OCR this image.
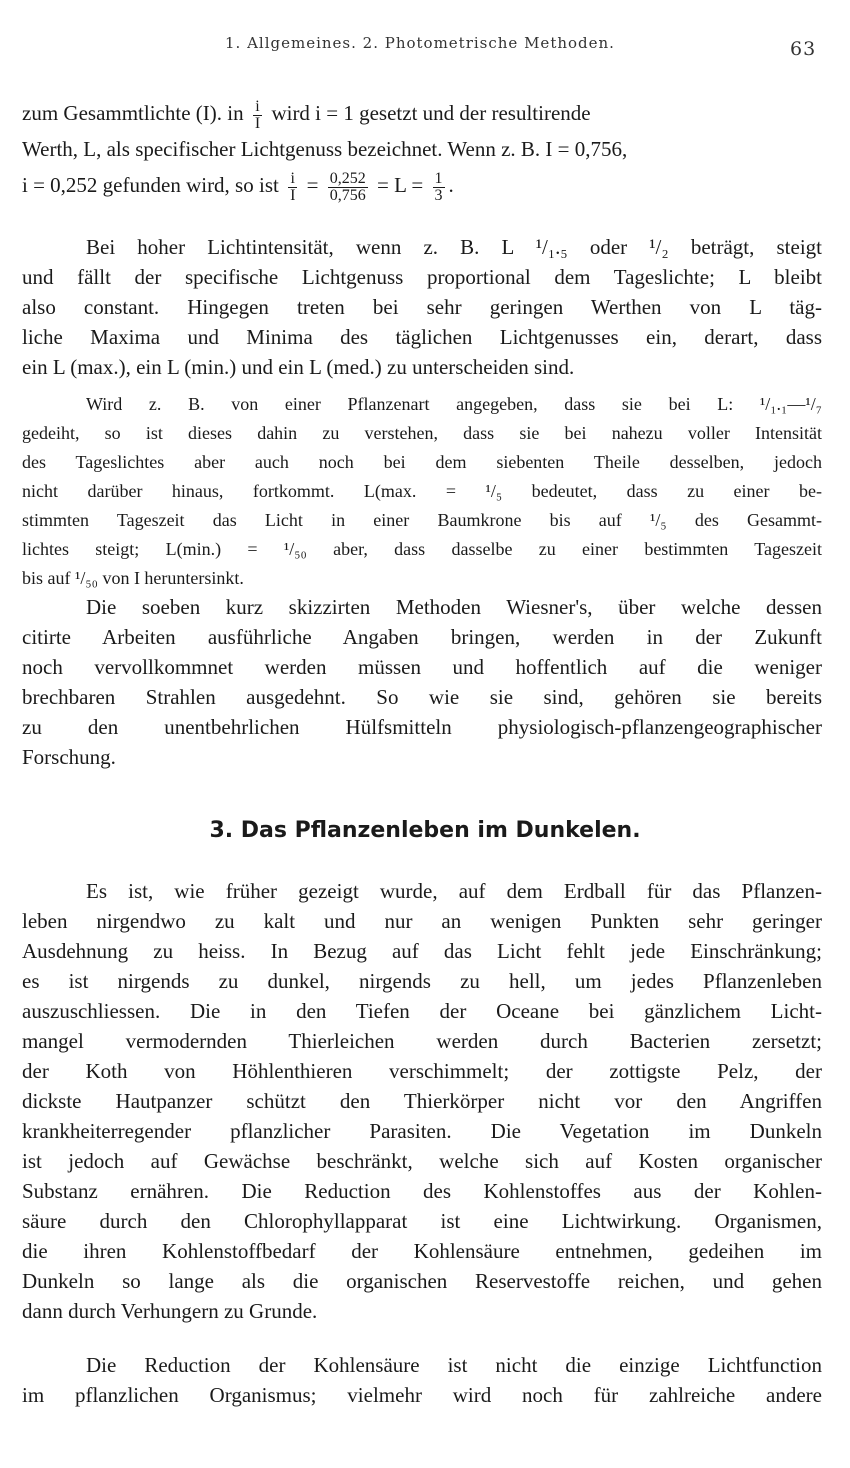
1. Allgemeines. 2. Photometrische Methoden.	63
zum Gesammtlichte (I). in $\frac{i}{I}$ wird i = 1 gesetzt und der resultirende
Werth, L, als specifischer Lichtgenuss bezeichnet. Wenn z. B. I = 0,756,
i = 0,252 gefunden wird, so ist $\frac{i}{I} = \frac{0,252}{0,756} = L = \frac{1}{3}$ .
Bei hoher Lichtintensität, wenn z. B. L ¹/₁.₅ oder ¹/₂ beträgt, steigt
und fällt der specifische Lichtgenuss proportional dem Tageslichte; L bleibt
also constant. Hingegen treten bei sehr geringen Werthen von L täg-
liche Maxima und Minima des täglichen Lichtgenusses ein, derart, dass
ein L (max.), ein L (min.) und ein L (med.) zu unterscheiden sind.
Wird z. B. von einer Pflanzenart angegeben, dass sie bei L: ¹/₁.₁—¹/₇
gedeiht, so ist dieses dahin zu verstehen, dass sie bei nahezu voller Intensität
des Tageslichtes aber auch noch bei dem siebenten Theile desselben, jedoch
nicht darüber hinaus, fortkommt. L(max. = ¹/₅ bedeutet, dass zu einer be-
stimmten Tageszeit das Licht in einer Baumkrone bis auf ¹/₅ des Gesammt-
lichtes steigt; L(min.) = ¹/₅₀ aber, dass dasselbe zu einer bestimmten Tageszeit
bis auf ¹/₅₀ von I heruntersinkt.
Die soeben kurz skizzirten Methoden Wiesner's, über welche dessen
citirte Arbeiten ausführliche Angaben bringen, werden in der Zukunft
noch vervollkommnet werden müssen und hoffentlich auf die weniger
brechbaren Strahlen ausgedehnt. So wie sie sind, gehören sie bereits
zu den unentbehrlichen Hülfsmitteln physiologisch-pflanzengeographischer
Forschung.
3. Das Pflanzenleben im Dunkelen.
Es ist, wie früher gezeigt wurde, auf dem Erdball für das Pflanzen-
leben nirgendwo zu kalt und nur an wenigen Punkten sehr geringer
Ausdehnung zu heiss. In Bezug auf das Licht fehlt jede Einschränkung;
es ist nirgends zu dunkel, nirgends zu hell, um jedes Pflanzenleben
auszuschliessen. Die in den Tiefen der Oceane bei gänzlichem Licht-
mangel vermodernden Thierleichen werden durch Bacterien zersetzt;
der Koth von Höhlenthieren verschimmelt; der zottigste Pelz, der
dickste Hautpanzer schützt den Thierkörper nicht vor den Angriffen
krankheiterregender pflanzlicher Parasiten. Die Vegetation im Dunkeln
ist jedoch auf Gewächse beschränkt, welche sich auf Kosten organischer
Substanz ernähren. Die Reduction des Kohlenstoffes aus der Kohlen-
säure durch den Chlorophyllapparat ist eine Lichtwirkung. Organismen,
die ihren Kohlenstoffbedarf der Kohlensäure entnehmen, gedeihen im
Dunkeln so lange als die organischen Reservestoffe reichen, und gehen
dann durch Verhungern zu Grunde.
Die Reduction der Kohlensäure ist nicht die einzige Lichtfunction
im pflanzlichen Organismus; vielmehr wird noch für zahlreiche andere
